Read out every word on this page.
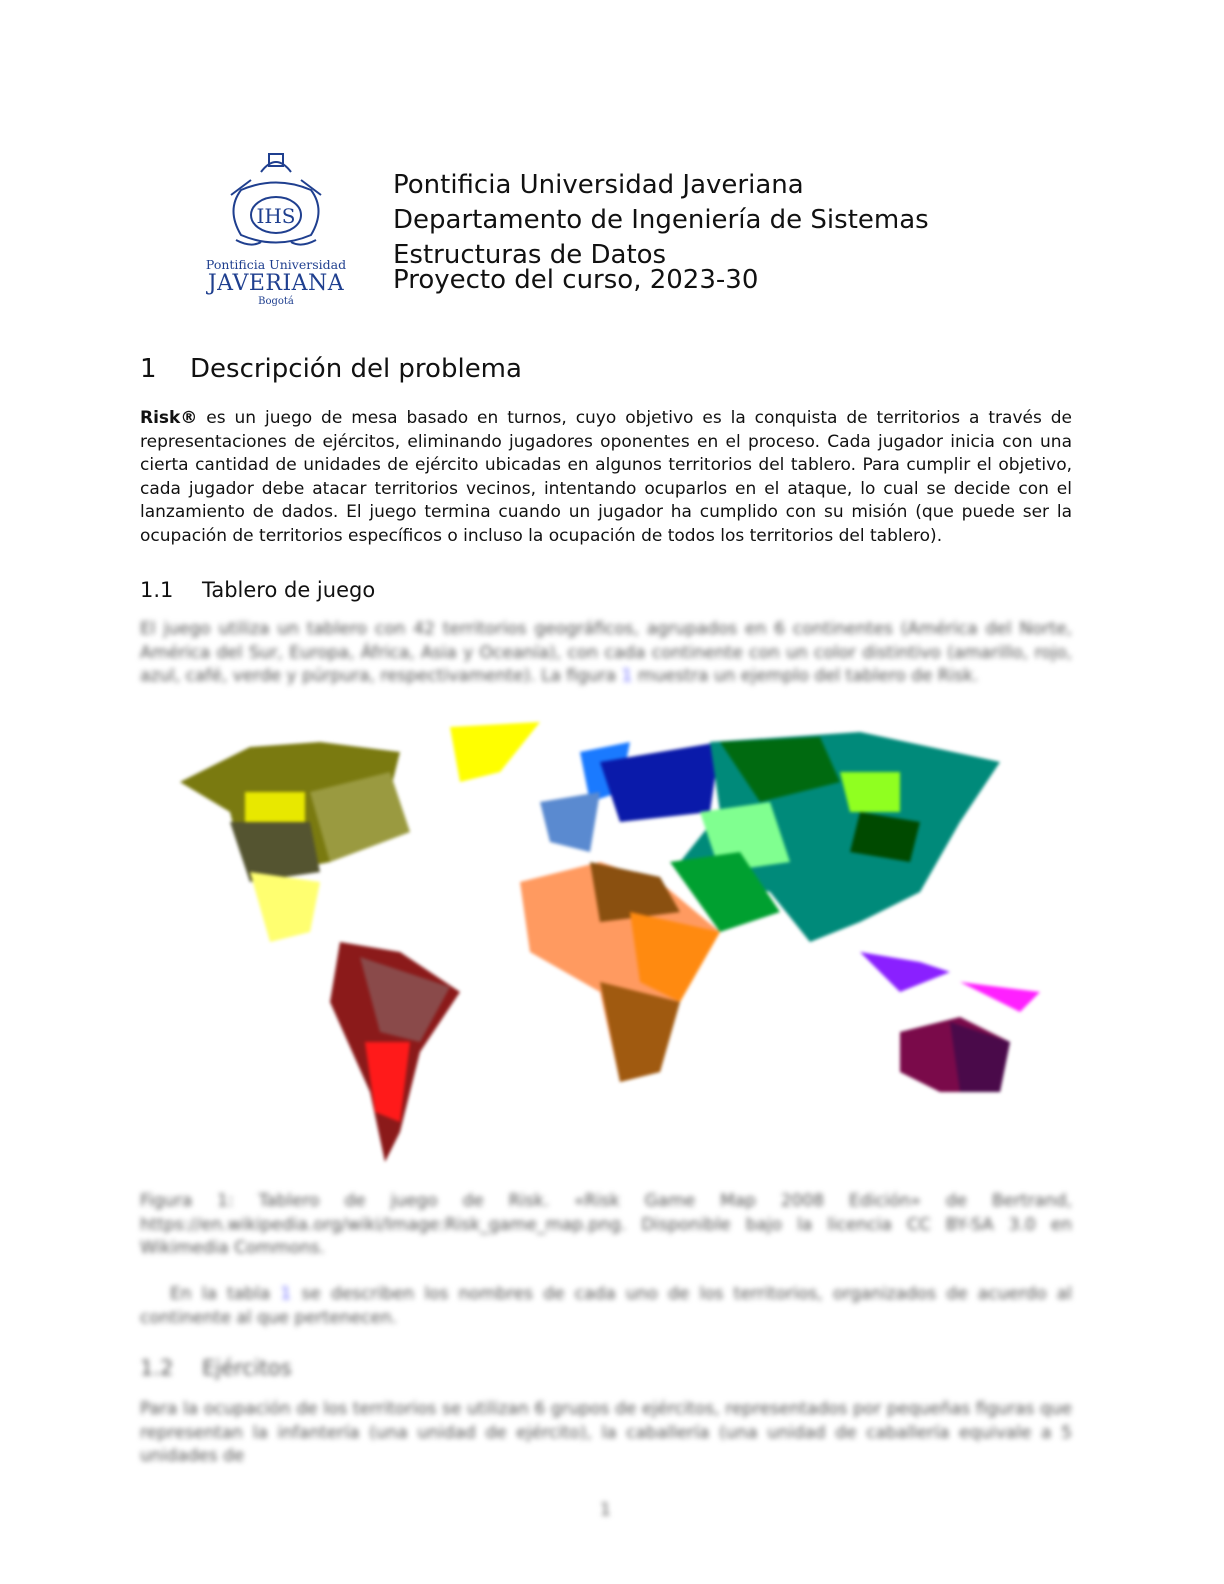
IHS
Pontificia Universidad
JAVERIANA
Bogotá
Pontificia Universidad Javeriana
Departamento de Ingeniería de Sistemas
Estructuras de Datos
Proyecto del curso, 2023-30
1 Descripción del problema
Risk® es un juego de mesa basado en turnos, cuyo objetivo es la conquista de territorios a través de representaciones de ejércitos, eliminando jugadores oponentes en el proceso. Cada jugador inicia con una cierta cantidad de unidades de ejército ubicadas en algunos territorios del tablero. Para cumplir el objetivo, cada jugador debe atacar territorios vecinos, intentando ocuparlos en el ataque, lo cual se decide con el lanzamiento de dados. El juego termina cuando un jugador ha cumplido con su misión (que puede ser la ocupación de territorios específicos o incluso la ocupación de todos los territorios del tablero).
1.1 Tablero de juego
El juego utiliza un tablero con 42 territorios geográficos, agrupados en 6 continentes (América del Norte, América del Sur, Europa, África, Asia y Oceanía), con cada continente con un color distintivo (amarillo, rojo, azul, café, verde y púrpura, respectivamente). La figura 1 muestra un ejemplo del tablero de Risk.
Figura 1: Tablero de juego de Risk. «Risk Game Map 2008 Edición» de Bertrand, https://en.wikipedia.org/wiki/Image:Risk_game_map.png. Disponible bajo la licencia CC BY-SA 3.0 en Wikimedia Commons.
En la tabla 1 se describen los nombres de cada uno de los territorios, organizados de acuerdo al continente al que pertenecen.
1.2 Ejércitos
Para la ocupación de los territorios se utilizan 6 grupos de ejércitos, representados por pequeñas figuras que representan la infantería (una unidad de ejército), la caballería (una unidad de caballería equivale a 5 unidades de
1
